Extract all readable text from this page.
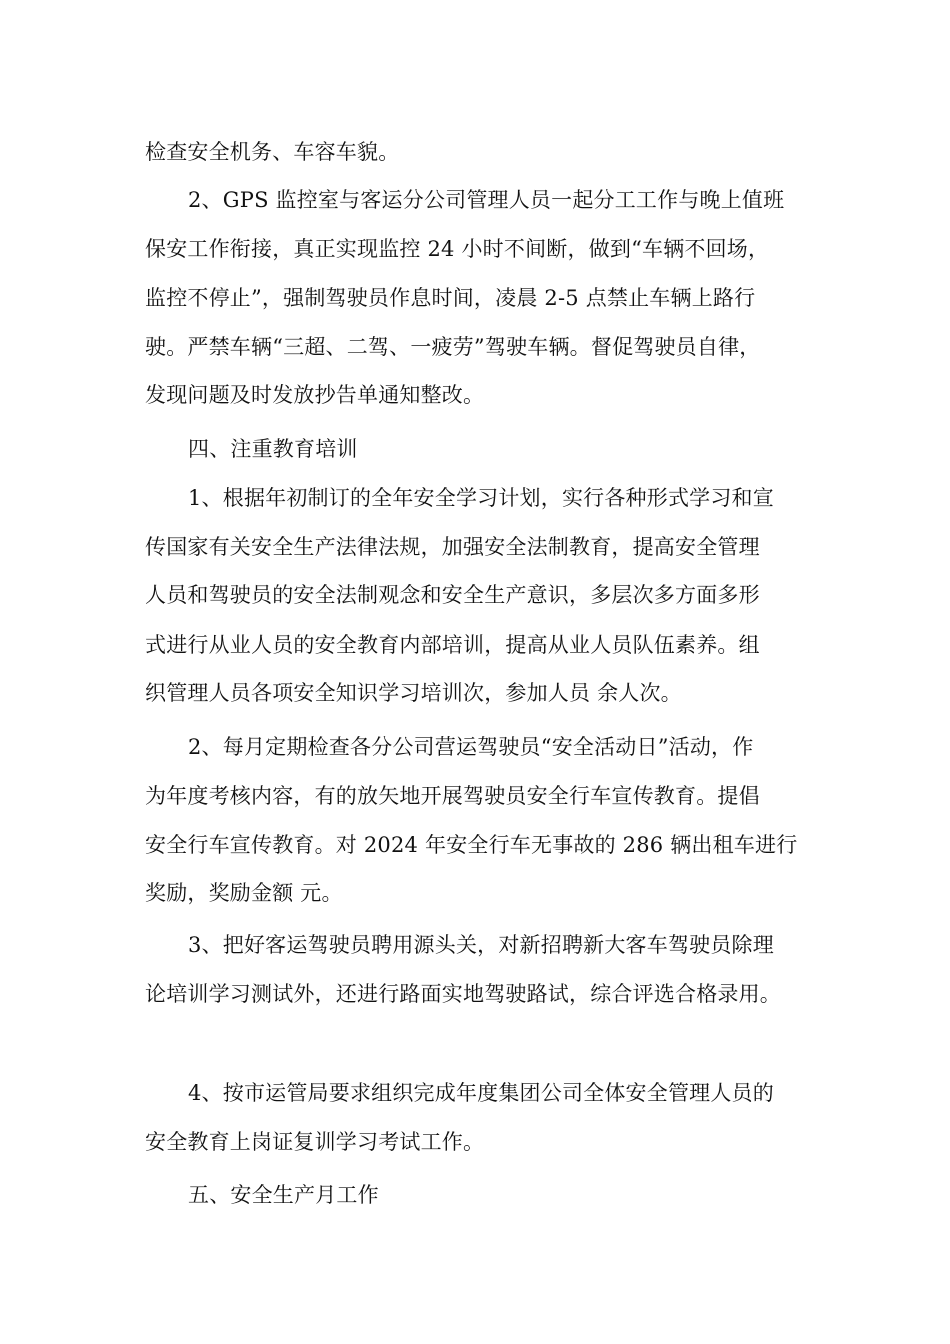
检查安全机务、车容车貌。
2、GPS 监控室与客运分公司管理人员一起分工工作与晚上值班
保安工作衔接，真正实现监控 24 小时不间断，做到“车辆不回场，
监控不停止”，强制驾驶员作息时间，凌晨 2-5 点禁止车辆上路行
驶。严禁车辆“三超、二驾、一疲劳”驾驶车辆。督促驾驶员自律，
发现问题及时发放抄告单通知整改。
四、注重教育培训
1、根据年初制订的全年安全学习计划，实行各种形式学习和宣
传国家有关安全生产法律法规，加强安全法制教育，提高安全管理
人员和驾驶员的安全法制观念和安全生产意识，多层次多方面多形
式进行从业人员的安全教育内部培训，提高从业人员队伍素养。组
织管理人员各项安全知识学习培训次，参加人员 余人次。
2、每月定期检查各分公司营运驾驶员“安全活动日”活动，作
为年度考核内容，有的放矢地开展驾驶员安全行车宣传教育。提倡
安全行车宣传教育。对 2024 年安全行车无事故的 286 辆出租车进行
奖励，奖励金额 元。
3、把好客运驾驶员聘用源头关，对新招聘新大客车驾驶员除理
论培训学习测试外，还进行路面实地驾驶路试，综合评选合格录用。
4、按市运管局要求组织完成年度集团公司全体安全管理人员的
安全教育上岗证复训学习考试工作。
五、安全生产月工作
